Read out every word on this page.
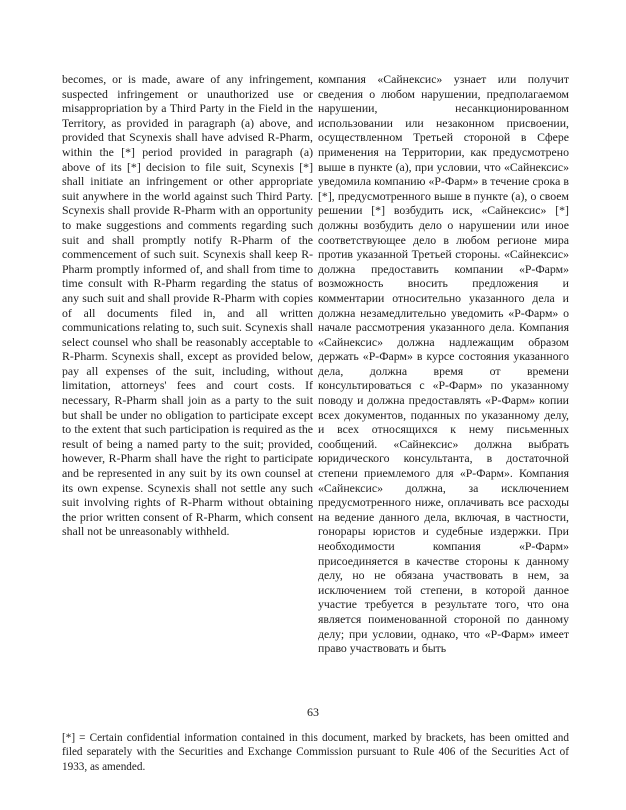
becomes, or is made, aware of any infringement, suspected infringement or unauthorized use or misappropriation by a Third Party in the Field in the Territory, as provided in paragraph (a) above, and provided that Scynexis shall have advised R-Pharm, within the [*] period provided in paragraph (a) above of its [*] decision to file suit, Scynexis [*] shall initiate an infringement or other appropriate suit anywhere in the world against such Third Party. Scynexis shall provide R-Pharm with an opportunity to make suggestions and comments regarding such suit and shall promptly notify R-Pharm of the commencement of such suit. Scynexis shall keep R-Pharm promptly informed of, and shall from time to time consult with R-Pharm regarding the status of any such suit and shall provide R-Pharm with copies of all documents filed in, and all written communications relating to, such suit. Scynexis shall select counsel who shall be reasonably acceptable to R-Pharm. Scynexis shall, except as provided below, pay all expenses of the suit, including, without limitation, attorneys' fees and court costs. If necessary, R-Pharm shall join as a party to the suit but shall be under no obligation to participate except to the extent that such participation is required as the result of being a named party to the suit; provided, however, R-Pharm shall have the right to participate and be represented in any suit by its own counsel at its own expense. Scynexis shall not settle any such suit involving rights of R-Pharm without obtaining the prior written consent of R-Pharm, which consent shall not be unreasonably withheld.
компания «Сайнексис» узнает или получит сведения о любом нарушении, предполагаемом нарушении, несанкционированном использовании или незаконном присвоении, осуществленном Третьей стороной в Сфере применения на Территории, как предусмотрено выше в пункте (а), при условии, что «Сайнексис» уведомила компанию «Р-Фарм» в течение срока в [*], предусмотренного выше в пункте (а), о своем решении [*] возбудить иск, «Сайнексис» [*] должны возбудить дело о нарушении или иное соответствующее дело в любом регионе мира против указанной Третьей стороны. «Сайнексис» должна предоставить компании «Р-Фарм» возможность вносить предложения и комментарии относительно указанного дела и должна незамедлительно уведомить «Р-Фарм» о начале рассмотрения указанного дела. Компания «Сайнексис» должна надлежащим образом держать «Р-Фарм» в курсе состояния указанного дела, должна время от времени консультироваться с «Р-Фарм» по указанному поводу и должна предоставлять «Р-Фарм» копии всех документов, поданных по указанному делу, и всех относящихся к нему письменных сообщений. «Сайнексис» должна выбрать юридического консультанта, в достаточной степени приемлемого для «Р-Фарм». Компания «Сайнексис» должна, за исключением предусмотренного ниже, оплачивать все расходы на ведение данного дела, включая, в частности, гонорары юристов и судебные издержки. При необходимости компания «Р-Фарм» присоединяется в качестве стороны к данному делу, но не обязана участвовать в нем, за исключением той степени, в которой данное участие требуется в результате того, что она является поименованной стороной по данному делу; при условии, однако, что «Р-Фарм» имеет право участвовать и быть
63
[*] = Certain confidential information contained in this document, marked by brackets, has been omitted and filed separately with the Securities and Exchange Commission pursuant to Rule 406 of the Securities Act of 1933, as amended.
